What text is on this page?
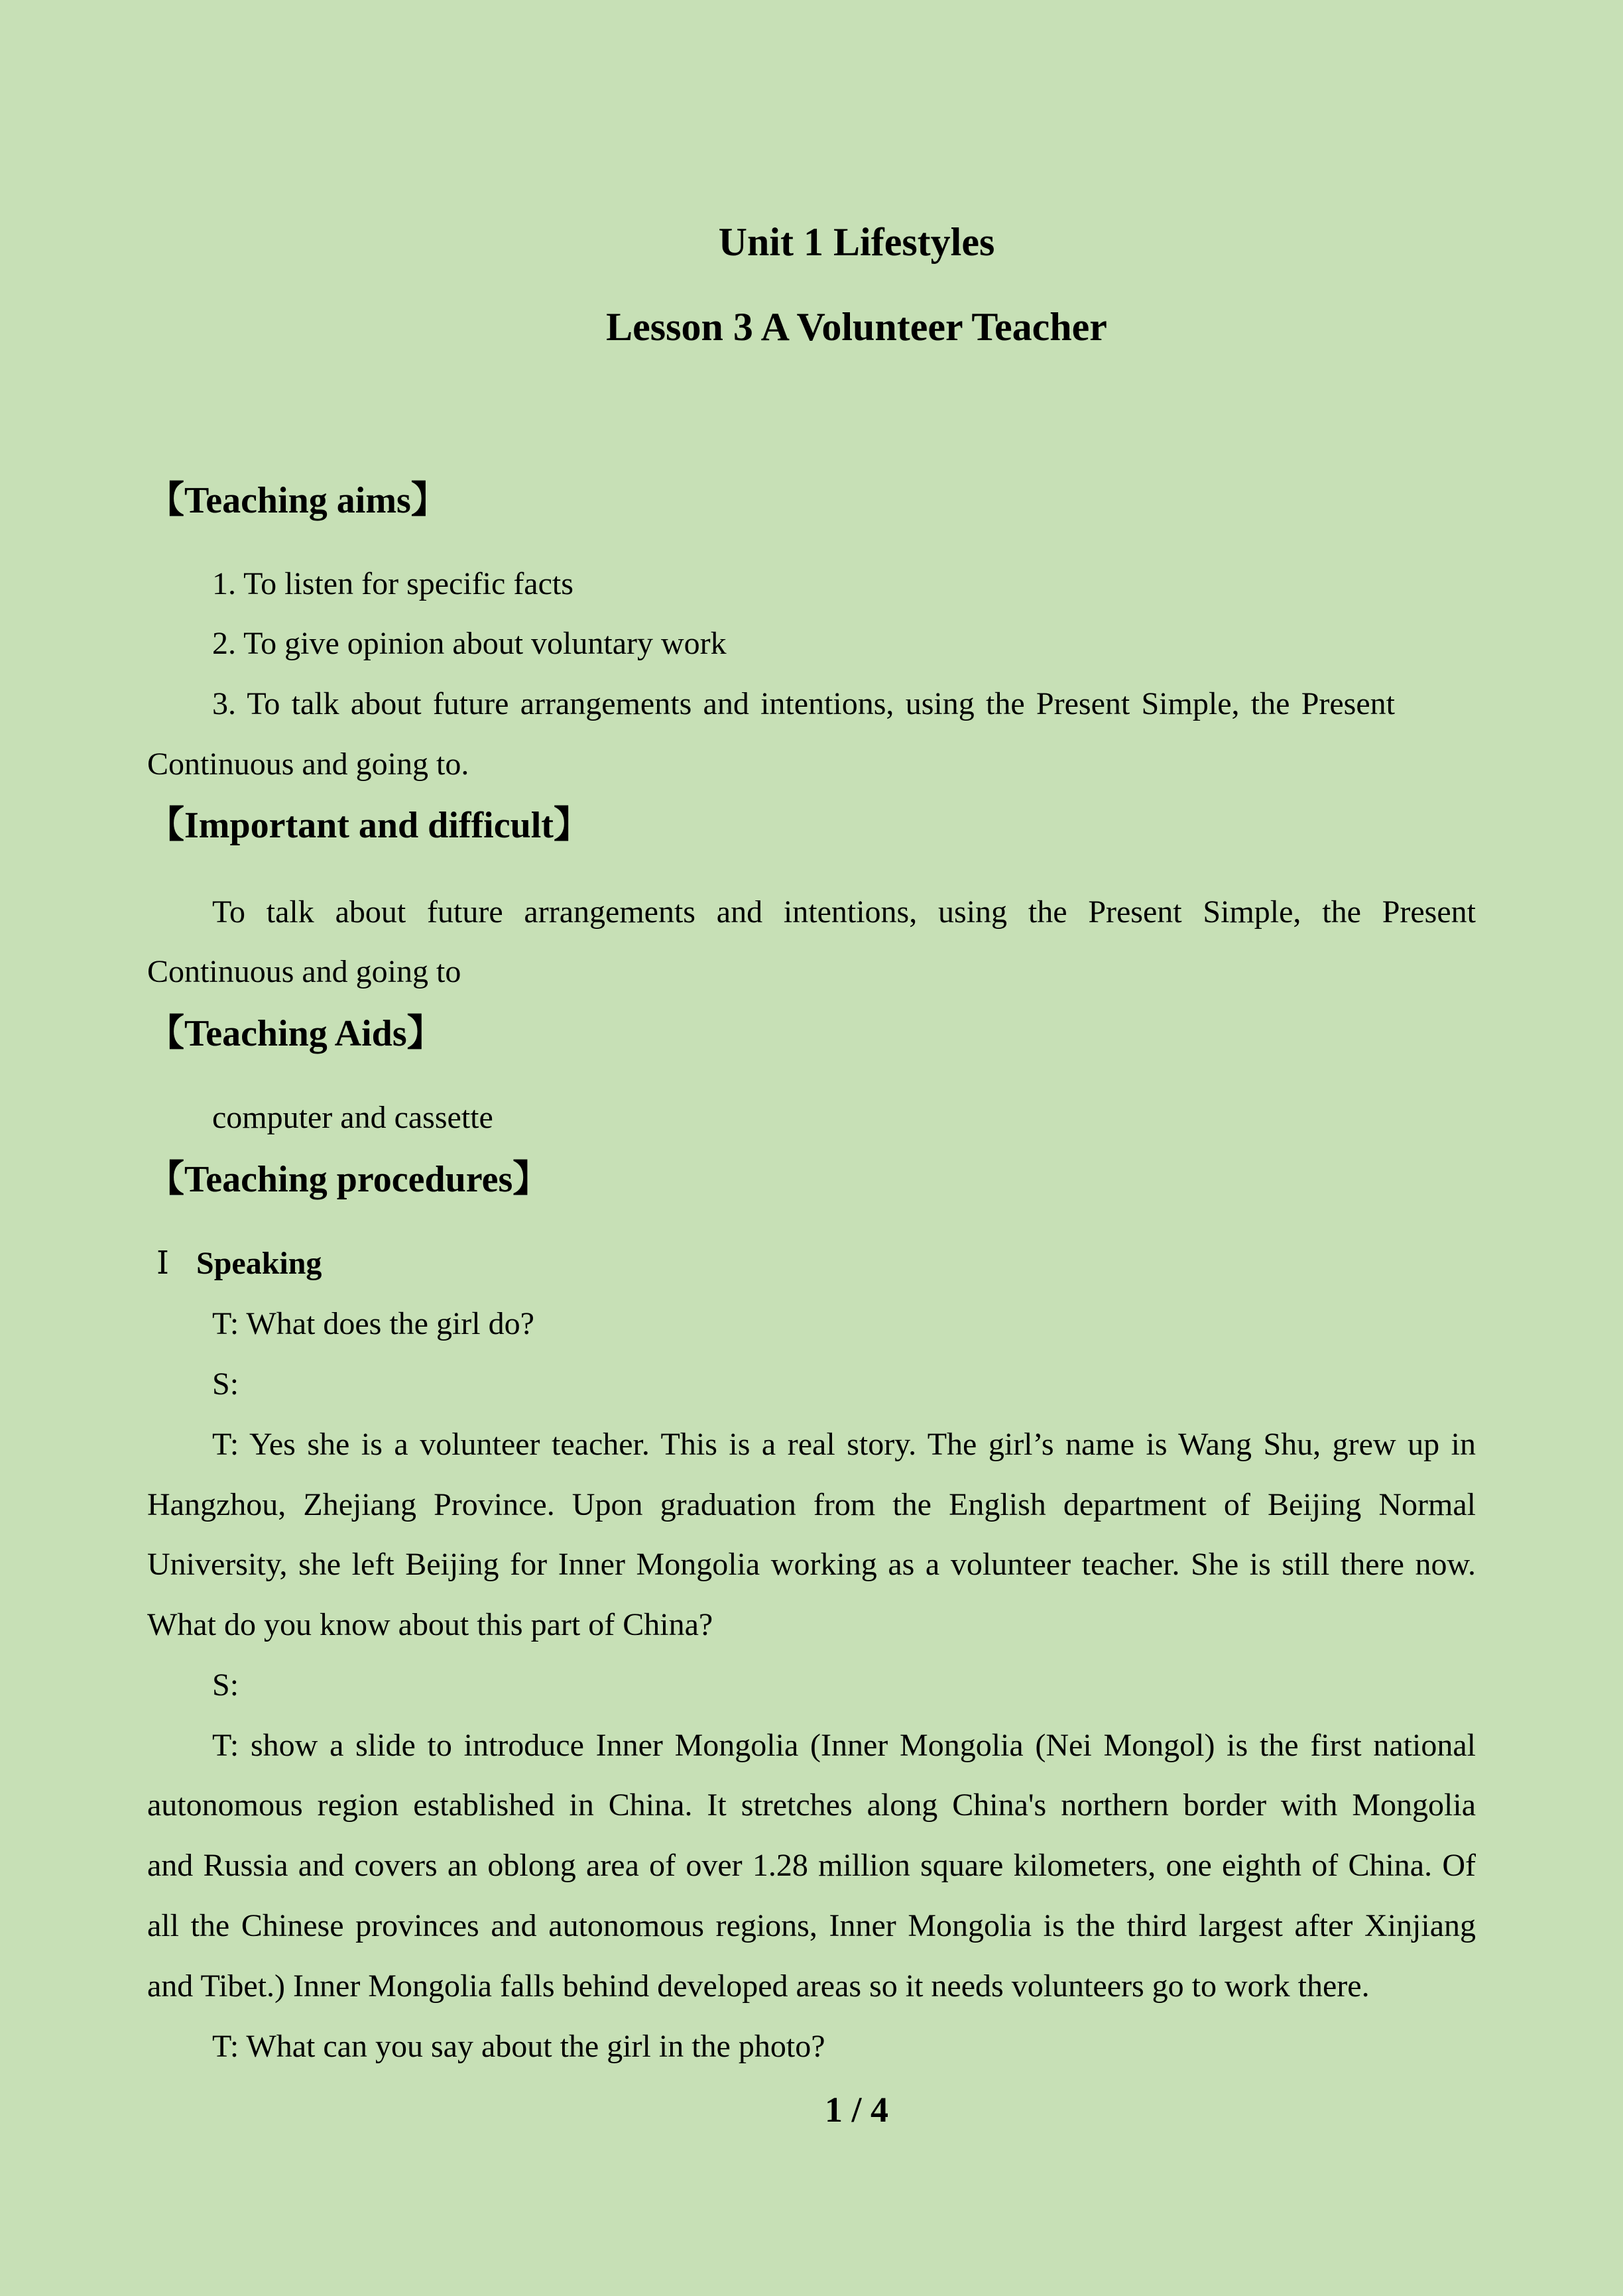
Unit 1 Lifestyles
Lesson 3 A Volunteer Teacher
【Teaching aims】
1. To listen for specific facts
2. To give opinion about voluntary work
3. To talk about future arrangements and intentions, using the Present Simple, the Present
Continuous and going to.
【Important and difficult】
To talk about future arrangements and intentions, using the Present Simple, the Present
Continuous and going to
【Teaching Aids】
computer and cassette
【Teaching procedures】
Ⅰ Speaking
T: What does the girl do?
S:
T: Yes she is a volunteer teacher. This is a real story. The girl’s name is Wang Shu, grew up in
Hangzhou, Zhejiang Province. Upon graduation from the English department of Beijing Normal
University, she left Beijing for Inner Mongolia working as a volunteer teacher. She is still there now.
What do you know about this part of China?
S:
T: show a slide to introduce Inner Mongolia (Inner Mongolia (Nei Mongol) is the first national
autonomous region established in China. It stretches along China's northern border with Mongolia
and Russia and covers an oblong area of over 1.28 million square kilometers, one eighth of China. Of
all the Chinese provinces and autonomous regions, Inner Mongolia is the third largest after Xinjiang
and Tibet.) Inner Mongolia falls behind developed areas so it needs volunteers go to work there.
T: What can you say about the girl in the photo?
1 / 4
